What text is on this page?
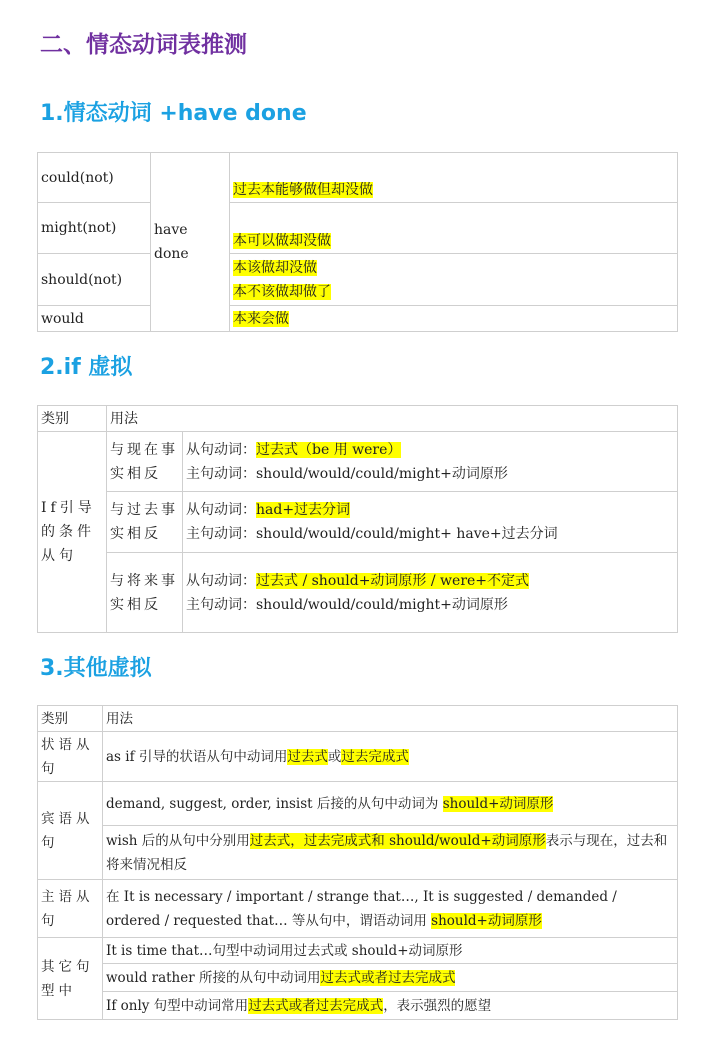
二、情态动词表推测
1.情态动词 +have done
could(not)	have done	过去本能够做但却没做
might(not)		本可以做却没做
should(not)		本该做却没做
本不该做却做了
would		本来会做
2.if 虚拟
类别	用法	
If引导的条件从句	与现在事实相反	从句动词：过去式（be 用 were）
主句动词：should/would/could/might+动词原形
	与过去事实相反	从句动词：had+过去分词
主句动词：should/would/could/might+ have+过去分词
	与将来事实相反	从句动词：过去式 / should+动词原形 / were+不定式
主句动词：should/would/could/might+动词原形
3.其他虚拟
类别	用法
状语从句	as if 引导的状语从句中动词用过去式或过去完成式
宾语从句	demand, suggest, order, insist 后接的从句中动词为 should+动词原形
	wish 后的从句中分别用过去式，过去完成式和 should/would+动词原形表示与现在，过去和将来情况相反
主语从句	在 It is necessary / important / strange that…, It is suggested / demanded / ordered / requested that… 等从句中，谓语动词用 should+动词原形
其它句型中	It is time that…句型中动词用过去式或 should+动词原形
	would rather 所接的从句中动词用过去式或者过去完成式
	If only 句型中动词常用过去式或者过去完成式，表示强烈的愿望
